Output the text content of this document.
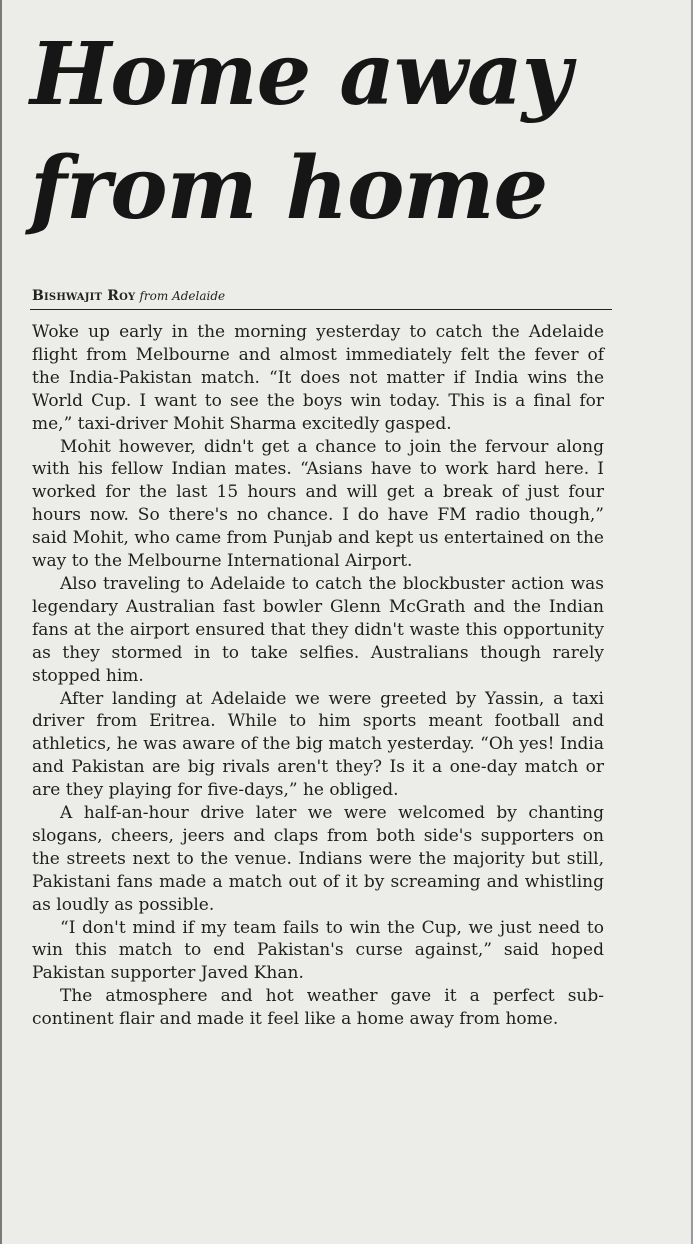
Home away from home
Bishwajit Roy from Adelaide

Woke up early in the morning yesterday to catch the Adelaide flight from Melbourne and almost immediately felt the fever of the India-Pakistan match. “It does not matter if India wins the World Cup. I want to see the boys win today. This is a final for me,” taxi-driver Mohit Sharma excitedly gasped.

Mohit however, didn't get a chance to join the fervour along with his fellow Indian mates. “Asians have to work hard here. I worked for the last 15 hours and will get a break of just four hours now. So there's no chance. I do have FM radio though,” said Mohit, who came from Punjab and kept us entertained on the way to the Melbourne International Airport.

Also traveling to Adelaide to catch the blockbuster action was legendary Australian fast bowler Glenn McGrath and the Indian fans at the airport ensured that they didn't waste this opportunity as they stormed in to take selfies. Australians though rarely stopped him.

After landing at Adelaide we were greeted by Yassin, a taxi driver from Eritrea. While to him sports meant football and athletics, he was aware of the big match yesterday. “Oh yes! India and Pakistan are big rivals aren't they? Is it a one-day match or are they playing for five-days,” he obliged.

A half-an-hour drive later we were welcomed by chanting slogans, cheers, jeers and claps from both side's supporters on the streets next to the venue. Indians were the majority but still, Pakistani fans made a match out of it by screaming and whistling as loudly as possible.

“I don't mind if my team fails to win the Cup, we just need to win this match to end Pakistan's curse against,” said hoped Pakistan supporter Javed Khan.

The atmosphere and hot weather gave it a perfect sub-continent flair and made it feel like a home away from home.
